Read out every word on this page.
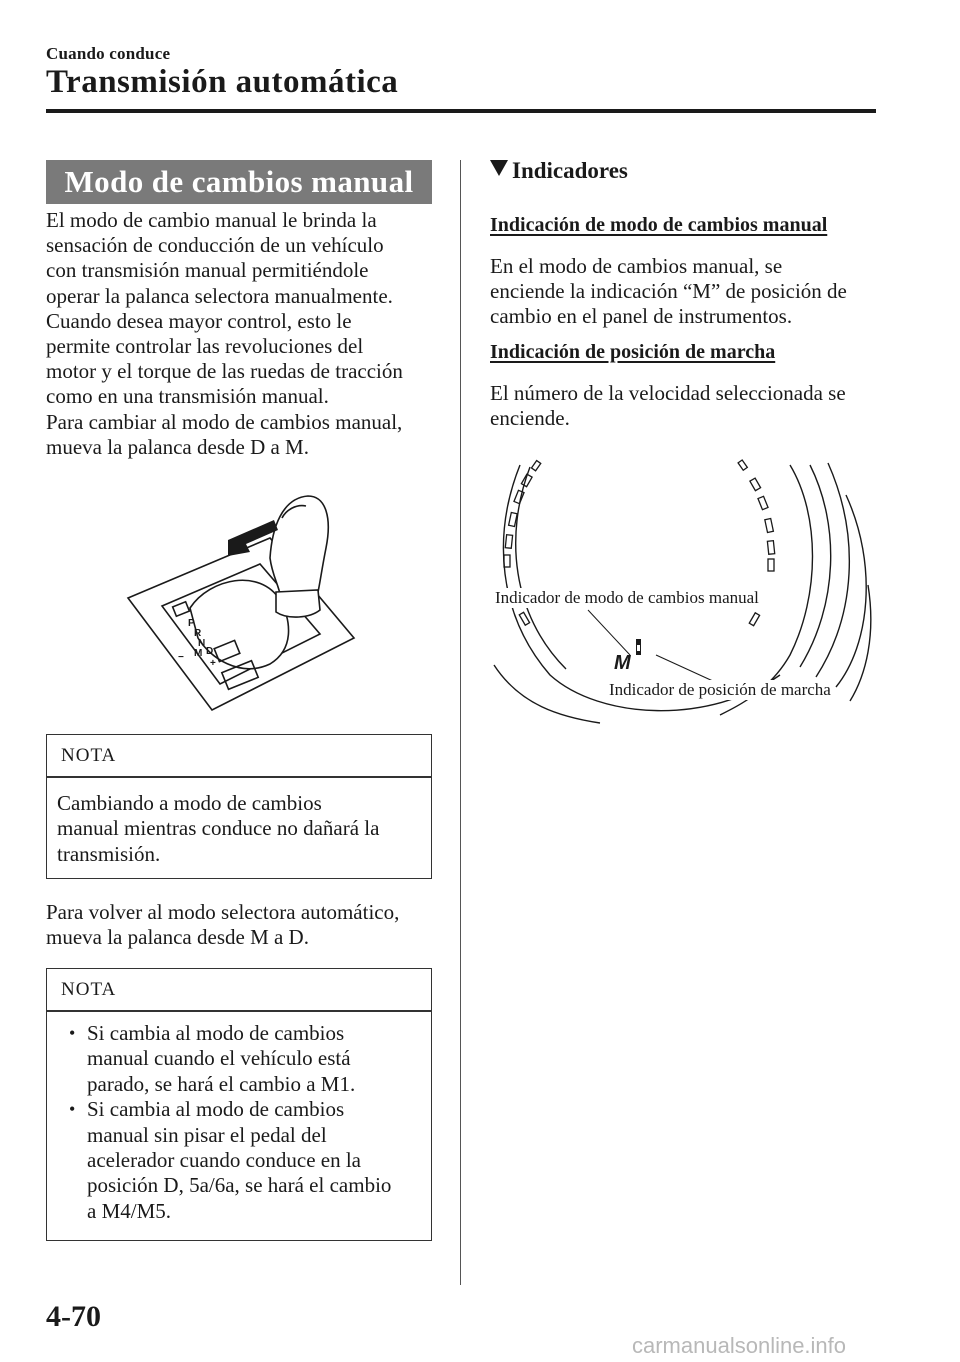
Cuando conduce
Transmisión automática
Modo de cambios manual
El modo de cambio manual le brinda la
sensación de conducción de un vehículo
con transmisión manual permitiéndole
operar la palanca selectora manualmente.
Cuando desea mayor control, esto le
permite controlar las revoluciones del
motor y el torque de las ruedas de tracción
como en una transmisión manual.
Para cambiar al modo de cambios manual,
mueva la palanca desde D a M.
P
R
N
M D
+
−
NOTA
Cambiando a modo de cambios
manual mientras conduce no dañará la
transmisión.
Para volver al modo selectora automático,
mueva la palanca desde M a D.
NOTA
• Si cambia al modo de cambios
manual cuando el vehículo está
parado, se hará el cambio a M1.
• Si cambia al modo de cambios
manual sin pisar el pedal del
acelerador cuando conduce en la
posición D, 5a/6a, se hará el cambio
a M4/M5.
Indicadores
Indicación de modo de cambios manual
En el modo de cambios manual, se
enciende la indicación “M” de posición de
cambio en el panel de instrumentos.
Indicación de posición de marcha
El número de la velocidad seleccionada se
enciende.
M
Indicador de modo de cambios manual
Indicador de posición de marcha
4-70
carmanualsonline.info
